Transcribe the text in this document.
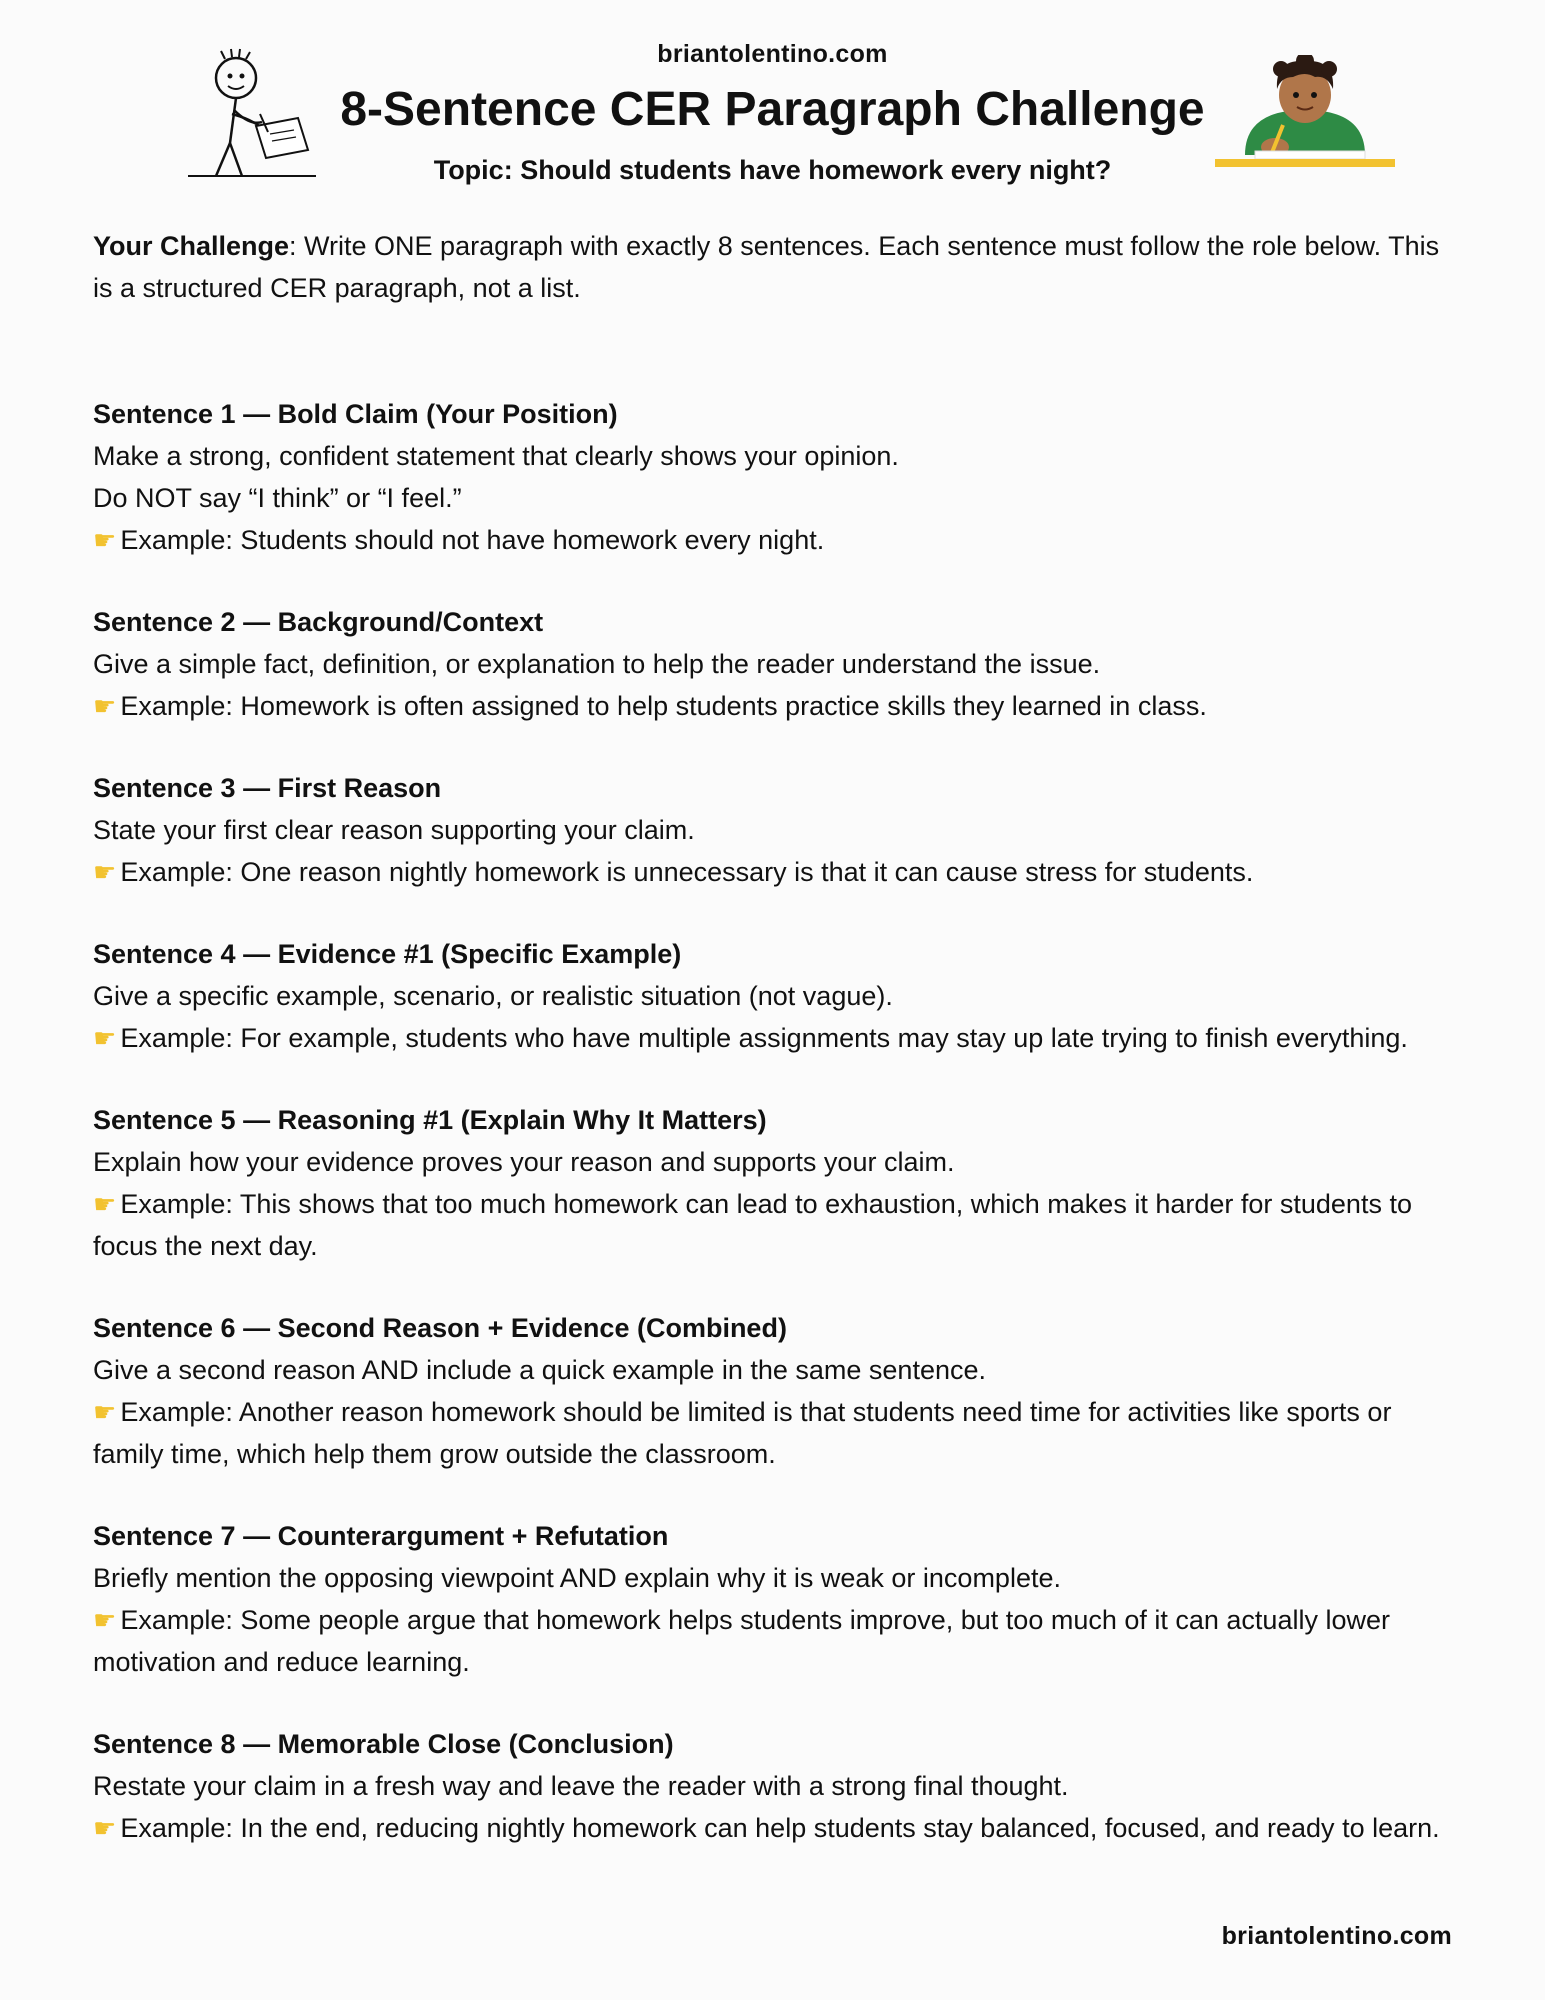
briantolentino.com
8-Sentence CER Paragraph Challenge
Topic: Should students have homework every night?

Your Challenge: Write ONE paragraph with exactly 8 sentences. Each sentence must follow the role below. This is a structured CER paragraph, not a list.

Sentence 1 — Bold Claim (Your Position)
Make a strong, confident statement that clearly shows your opinion.
Do NOT say “I think” or “I feel.”
☛ Example: Students should not have homework every night.
Sentence 2 — Background/Context
Give a simple fact, definition, or explanation to help the reader understand the issue.
☛ Example: Homework is often assigned to help students practice skills they learned in class.
Sentence 3 — First Reason
State your first clear reason supporting your claim.
☛ Example: One reason nightly homework is unnecessary is that it can cause stress for students.
Sentence 4 — Evidence #1 (Specific Example)
Give a specific example, scenario, or realistic situation (not vague).
☛ Example: For example, students who have multiple assignments may stay up late trying to finish everything.
Sentence 5 — Reasoning #1 (Explain Why It Matters)
Explain how your evidence proves your reason and supports your claim.
☛ Example: This shows that too much homework can lead to exhaustion, which makes it harder for students to focus the next day.
Sentence 6 — Second Reason + Evidence (Combined)
Give a second reason AND include a quick example in the same sentence.
☛ Example: Another reason homework should be limited is that students need time for activities like sports or family time, which help them grow outside the classroom.
Sentence 7 — Counterargument + Refutation
Briefly mention the opposing viewpoint AND explain why it is weak or incomplete.
☛ Example: Some people argue that homework helps students improve, but too much of it can actually lower motivation and reduce learning.
Sentence 8 — Memorable Close (Conclusion)
Restate your claim in a fresh way and leave the reader with a strong final thought.
☛ Example: In the end, reducing nightly homework can help students stay balanced, focused, and ready to learn.
briantolentino.com
